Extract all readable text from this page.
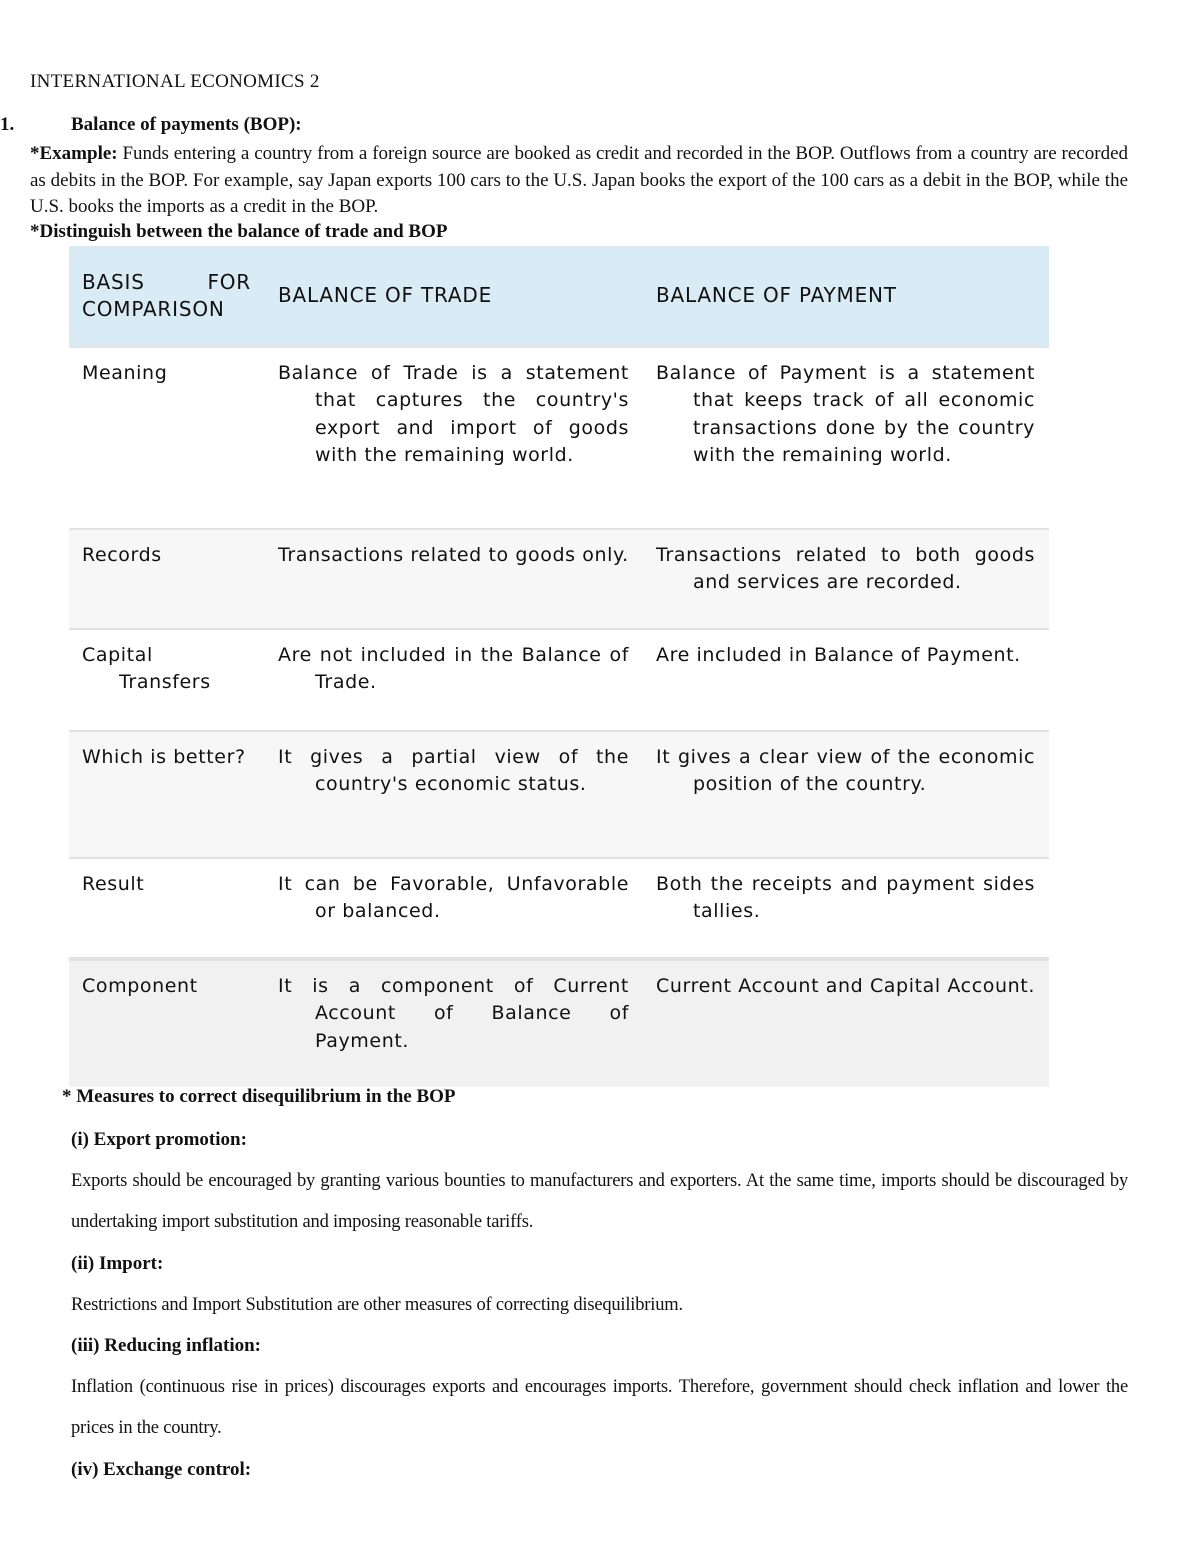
INTERNATIONAL ECONOMICS 2
1.	Balance of payments (BOP):

*Example: Funds entering a country from a foreign source are booked as credit and recorded in the BOP. Outflows from a country are recorded as debits in the BOP. For example, say Japan exports 100 cars to the U.S. Japan books the export of the 100 cars as a debit in the BOP, while the U.S. books the imports as a credit in the BOP.

*Distinguish between the balance of trade and BOP
BASIS FOR COMPARISON	BALANCE OF TRADE	BALANCE OF PAYMENT

Meaning	Balance of Trade is a statement that captures the country's export and import of goods with the remaining world.	Balance of Payment is a statement that keeps track of all economic transactions done by the country with the remaining world.

Records	Transactions related to goods only.	Transactions related to both goods and services are recorded.

Capital Transfers	Are not included in the Balance of Trade.	Are included in Balance of Payment.

Which is better?	It gives a partial view of the country's economic status.	It gives a clear view of the economic position of the country.

Result	It can be Favorable, Unfavorable or balanced.	Both the receipts and payment sides tallies.

Component	It is a component of Current Account of Balance of Payment.	Current Account and Capital Account.
* Measures to correct disequilibrium in the BOP
(i) Export promotion:

Exports should be encouraged by granting various bounties to manufacturers and exporters. At the same time, imports should be discouraged by undertaking import substitution and imposing reasonable tariffs.

(ii) Import:

Restrictions and Import Substitution are other measures of correcting disequilibrium.

(iii) Reducing inflation:

Inflation (continuous rise in prices) discourages exports and encourages imports. Therefore, government should check inflation and lower the prices in the country.

(iv) Exchange control:
